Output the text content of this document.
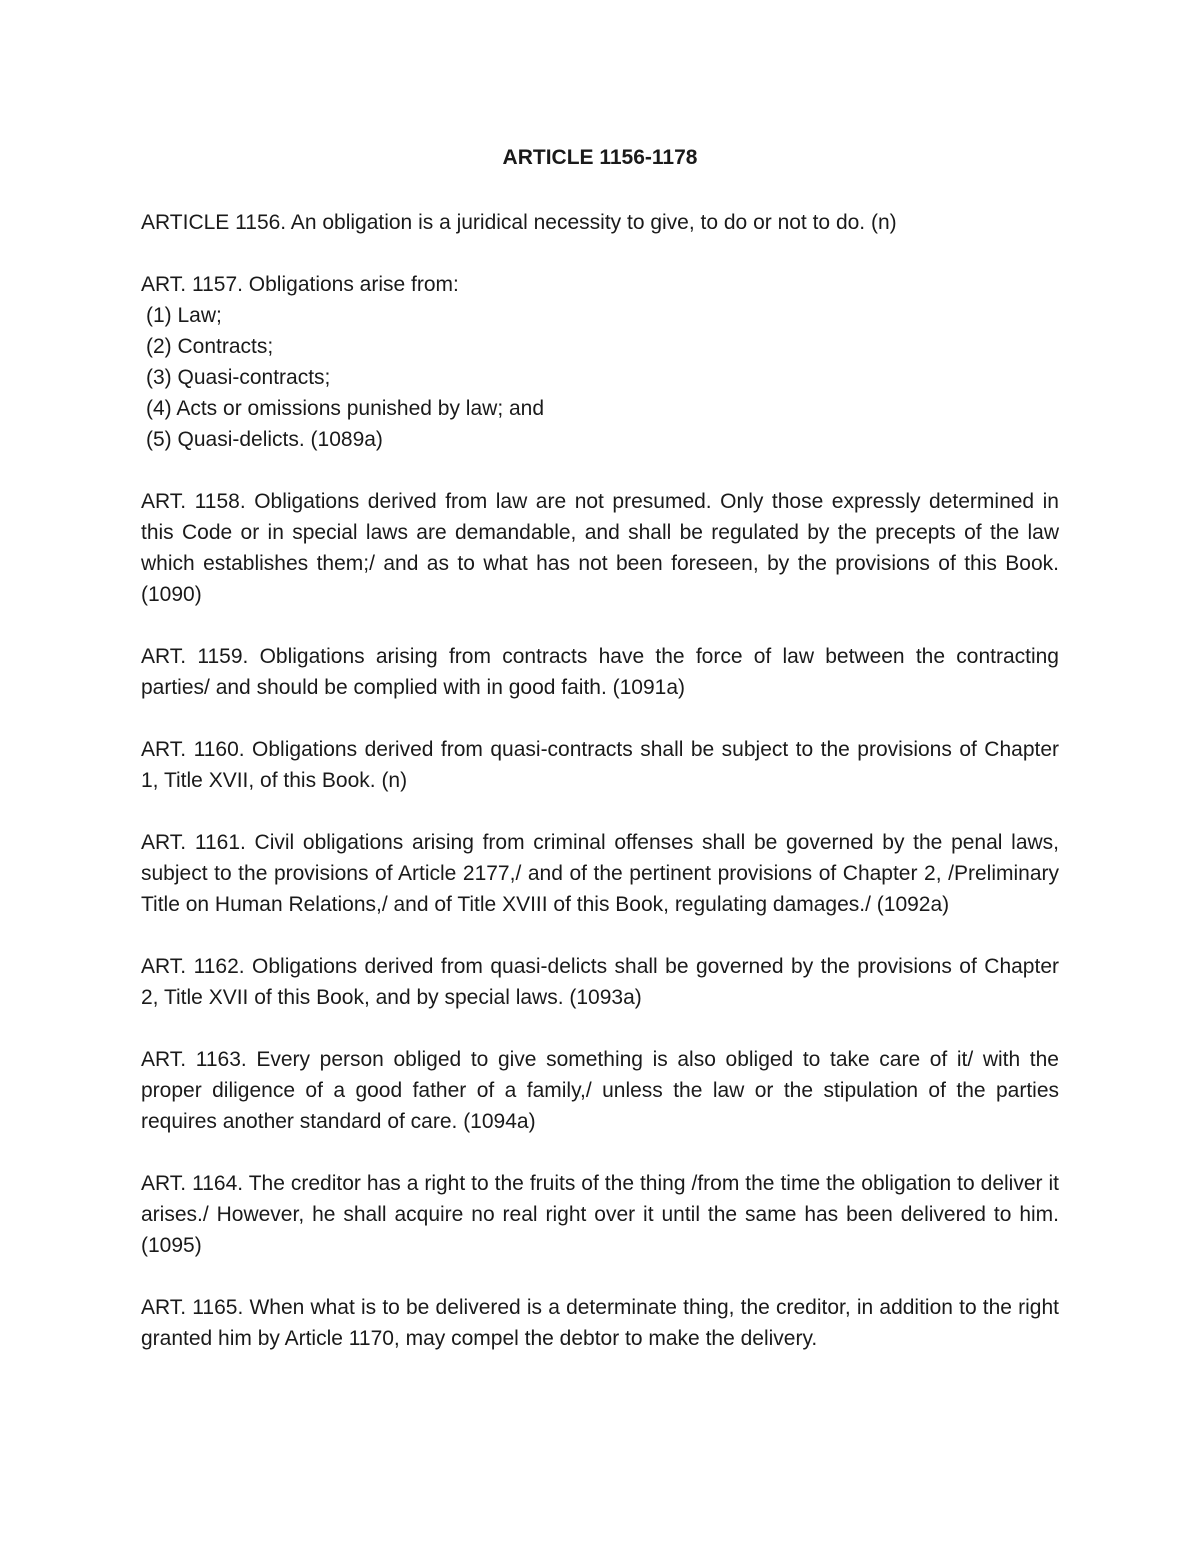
ARTICLE 1156-1178

ARTICLE 1156. An obligation is a juridical necessity to give, to do or not to do. (n)

ART. 1157. Obligations arise from:
(1) Law;
(2) Contracts;
(3) Quasi-contracts;
(4) Acts or omissions punished by law; and
(5) Quasi-delicts. (1089a)

ART. 1158. Obligations derived from law are not presumed. Only those expressly determined in this Code or in special laws are demandable, and shall be regulated by the precepts of the law which establishes them;/ and as to what has not been foreseen, by the provisions of this Book. (1090)

ART. 1159. Obligations arising from contracts have the force of law between the contracting parties/ and should be complied with in good faith. (1091a)

ART. 1160. Obligations derived from quasi-contracts shall be subject to the provisions of Chapter 1, Title XVII, of this Book. (n)

ART. 1161. Civil obligations arising from criminal offenses shall be governed by the penal laws, subject to the provisions of Article 2177,/ and of the pertinent provisions of Chapter 2, /Preliminary Title on Human Relations,/ and of Title XVIII of this Book, regulating damages./ (1092a)

ART. 1162. Obligations derived from quasi-delicts shall be governed by the provisions of Chapter 2, Title XVII of this Book, and by special laws. (1093a)

ART. 1163. Every person obliged to give something is also obliged to take care of it/ with the proper diligence of a good father of a family,/ unless the law or the stipulation of the parties requires another standard of care. (1094a)

ART. 1164. The creditor has a right to the fruits of the thing /from the time the obligation to deliver it arises./ However, he shall acquire no real right over it until the same has been delivered to him. (1095)

ART. 1165. When what is to be delivered is a determinate thing, the creditor, in addition to the right granted him by Article 1170, may compel the debtor to make the delivery.
